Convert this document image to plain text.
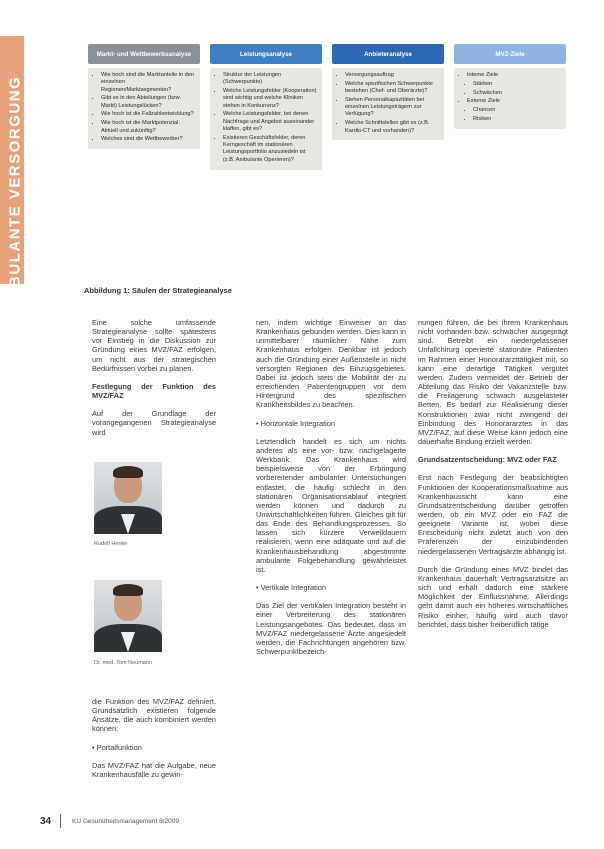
AMBULANTE VERSORGUNG
Markt- und Wettbewerbsanalyse
• Wie hoch sind die Marktanteile in den einzelnen Regionen/Marktsegmenten?
• Gibt es in den Abteilungen (bzw. Markt) Leistungslücken?
• Wie hoch ist die Fallzahlentwicklung?
• Wie hoch ist die Marktpotenzial: Aktuell und zukünftig?
• Welches sind die Wettbewerber?
Leistungsanalyse
• Struktur der Leistungen (Schwerpunkte)
• Welche Leistungsfelder (Kooperation) sind wichtig und welche Kliniken stehen in Konkurrenz?
• Welche Leistungsfelder, bei denen Nachfrage und Angebot auseinander klaffen, gibt es?
• Existieren Geschäftsfelder, deren Kerngeschäft im stationären Leistungsportfolio anzusiedeln ist (z.B. Ambulante Operieren)?
Anbieteranalyse
• Versorgungsauftrag
• Welche spezifischen Schwerpunkte bestehen (Chef- und Oberärzte)?
• Stehen Personalkapazitäten bei einzelnen Leistungsträgern zur Verfügung?
• Welche Schnittstellen gibt es (z.B. Kardio-CT und vorhanden)?
MVZ-Ziele
• Interne Ziele
• Stärken
• Schwächen
• Externe Ziele
• Chancen
• Risiken
Abbildung 1: Säulen der Strategieanalyse

Eine solche umfassende Strategieanalyse sollte spätestens vor Einstieg in die Diskussion zur Gründung eines MVZ/FAZ erfolgen, um nicht aus der strategischen Bedürfnissen vorbei zu planen.

Festlegung der Funktion des MVZ/FAZ

Auf der Grundlage der vorangegangenen Strategieanalyse wird

Rudolf Henke
Dr. med. Tom Neumann

die Funktion des MVZ/FAZ definiert. Grundsätzlich existieren folgende Ansätze, die auch kombiniert werden können:

• Portalfunktion

Das MVZ/FAZ hat die Aufgabe, neue Krankenhausfälle zu gewin-

nen, indem wichtige Einweiser an das Krankenhaus gebunden werden. Dies kann in unmittelbarer räumlicher Nähe zum Krankenhaus erfolgen. Denkbar ist jedoch auch die Gründung einer Außenstelle in nicht versorgten Regionen des Einzugsgebietes. Dabei ist jedoch stets die Mobilität der zu erreichenden Patientengruppen vor dem Hintergrund des spezifischen Krankheitsbildes zu beachten.

• Horizontale Integration

Letztendlich handelt es sich um nichts anderes als eine vor- bzw. nachgelagerte Werkbank. Das Krankenhaus wird beispielsweise von der Erbringung vorbereitender ambulanter Untersuchungen entlastet, die häufig schlecht in den stationären Organisationsablauf integriert werden können und dadurch zu Unwirtschaftlichkeiten führen. Gleiches gilt für das Ende des Behandlungsprozesses. So lassen sich kürzere Verweildauern realisieren, wenn eine adäquate und auf die Krankenhausbehandlung abgestimmte ambulante Folgebehandlung gewährleistet ist.

• Vertikale Integration

Das Ziel der vertikalen Integration besteht in einer Verbreiterung des stationären Leistungsangebotes. Das bedeutet, dass im MVZ/FAZ niedergelassene Ärzte angesiedelt werden, die Fachrichtungen angehören bzw. Schwerpunktbezeich-

nungen führen, die bei ihrem Krankenhaus nicht vorhanden bzw. schwächer ausgeprägt sind. Betreibt ein niedergelassener Unfallchirurg operierte stationäre Patienten im Rahmen einer Honorararzttätigkeit mit, so kann eine derartige Tätigkeit vergütet werden. Zudem vermeidet der Betrieb der Abteilung das Risiko der Vakanzstelle bzw. die Freilagerung schwach ausgelasteter Betten. Es bedarf zur Realisierung dieser Konstruktionen zwar nicht zwingend der Einbindung des Honorararztes in das MVZ/FAZ, auf diese Weise kann jedoch eine dauerhafte Bindung erzielt werden.

Grundsatzentscheidung: MVZ oder FAZ

Erst nach Festlegung der beabsichtigten Funktionen der Kooperationsmaßnahme aus Krankenhaussicht kann eine Grundsatzentscheidung darüber getroffen werden, ob ein MVZ oder ein FAZ die geeignete Variante ist, wobei diese Entscheidung nicht zuletzt auch von den Präferenzen der einzubindenden niedergelassenen Vertragsärzte abhängig ist.

Durch die Gründung eines MVZ bindet das Krankenhaus dauerhaft Vertragsarztsitze an sich und erhält dadurch eine stärkere Möglichkeit der Einflussnahme. Allerdings geht damit auch ein höheres wirtschaftliches Risiko einher, häufig wird auch davor berichtet, dass bisher freiberuflich tätige

34	KU Gesundheitsmanagement 8/2009
